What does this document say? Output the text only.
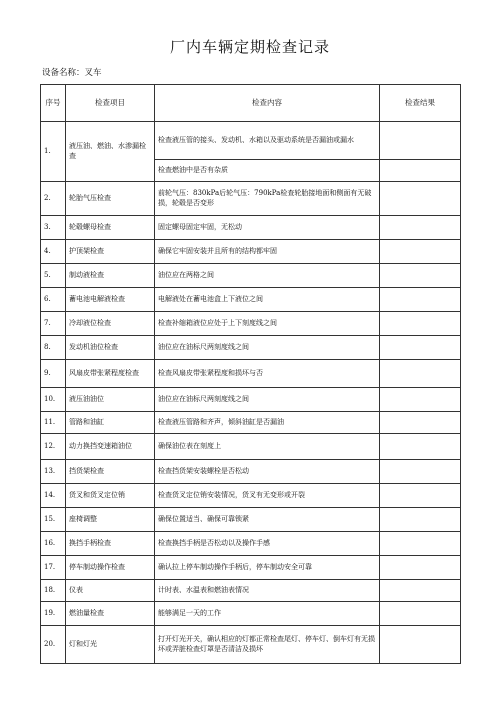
厂内车辆定期检查记录
设备名称：叉车
序号	检查项目	检查内容	检查结果
1.	液压油、燃油、水渗漏检查	检查液压管的接头、发动机、水箱以及驱动系统是否漏油或漏水	
		检查燃油中是否有杂质	
2.	轮胎气压检查	前轮气压：830kPa后轮气压：790kPa检查轮胎接地面和侧面有无破损，轮毂是否变形	
3.	轮毂螺母检查	固定螺母固定牢固，无松动	
4.	护顶架检查	确保它牢固安装并且所有的结构都牢固	
5.	制动液检查	油位应在两格之间	
6.	蓄电池电解液检查	电解液处在蓄电池盒上下液位之间	
7.	冷却液位检查	检查补缩箱液位应处于上下刻度线之间	
8.	发动机油位检查	油位应在油标尺两刻度线之间	
9.	风扇皮带张紧程度检查	检查风扇皮带张紧程度和损坏与否	
10.	液压油油位	油位应在油标尺两刻度线之间	
11.	管路和油缸	检查液压管路和齐声，倾斜油缸是否漏油	
12.	动力换挡变速箱油位	确保油位表在刻度上	
13.	挡货架检查	检查挡货架安装螺栓是否松动	
14.	货叉和货叉定位销	检查货叉定位销安装情况，货叉有无变形或开裂	
15.	座椅调整	确保位置适当、确保可靠锁紧	
16.	换挡手柄检查	检查换挡手柄是否松动以及操作手感	
17.	停车制动操作检查	确认拉上停车制动操作手柄后，停车制动安全可靠	
18.	仪表	计时表、水温表和燃油表情况	
19.	燃油量检查	能够满足一天的工作	
20.	灯和灯光	打开灯光开关，确认相应的灯都正常检查尾灯、停车灯、倒车灯有无损坏或弄脏检查灯罩是否清洁及损坏	
